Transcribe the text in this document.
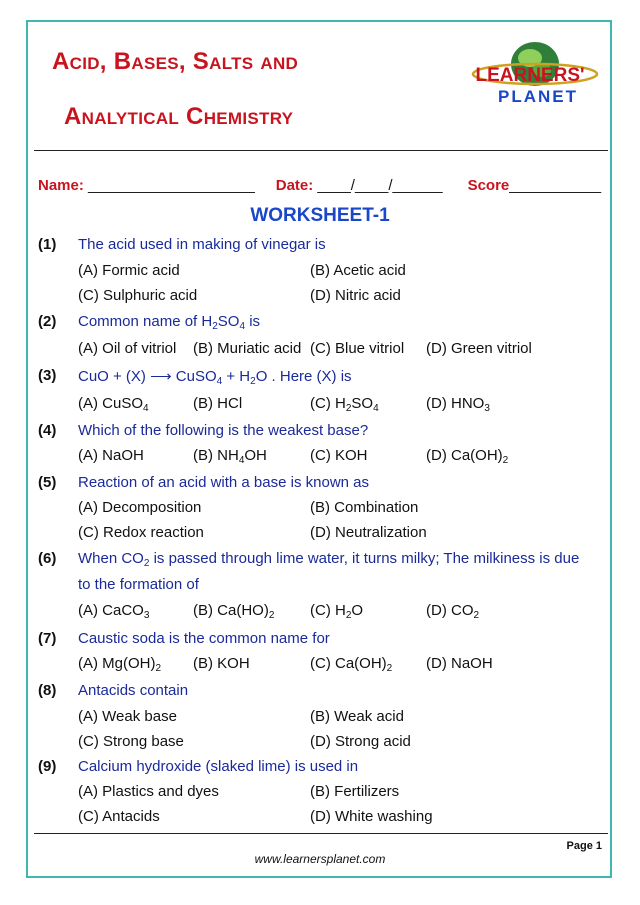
Acid, Bases, Salts and
Analytical Chemistry
LEARNERS'
PLANET
Name: ____________________ Date: ____/____/______ Score___________
WORKSHEET-1
(1) The acid used in making of vinegar is
(A) Formic acid	(B) Acetic acid
(C) Sulphuric acid	(D) Nitric acid
(2) Common name of $H_2SO_4$ is
(A) Oil of vitriol (B) Muriatic acid (C) Blue vitriol (D) Green vitriol
(3) CuO + (X) ⟶ CuSO$_4$ + $H_2O$ . Here (X) is
(A) CuSO$_4$	(B) HCl	(C) $H_2SO_4$	(D) $HNO_3$
(4) Which of the following is the weakest base?
(A) NaOH	(B) $NH_4OH$	(C) KOH	(D) $Ca(OH)_2$
(5) Reaction of an acid with a base is known as
(A) Decomposition	(B) Combination
(C) Redox reaction	(D) Neutralization
(6) When $CO_2$ is passed through lime water, it turns milky; The milkiness is due
to the formation of
(A) CaCO$_3$	(B) $Ca(HO)_2$ (C) $H_2O$	(D) $CO_2$
(7) Caustic soda is the common name for
(A) $Mg(OH)_2$ (B) KOH	(C) $Ca(OH)_2$ (D) NaOH
(8) Antacids contain
(A) Weak base	(B) Weak acid
(C) Strong base	(D) Strong acid
(9) Calcium hydroxide (slaked lime) is used in
(A) Plastics and dyes	(B) Fertilizers
(C) Antacids	(D) White washing
Page 1
www.learnersplanet.com
